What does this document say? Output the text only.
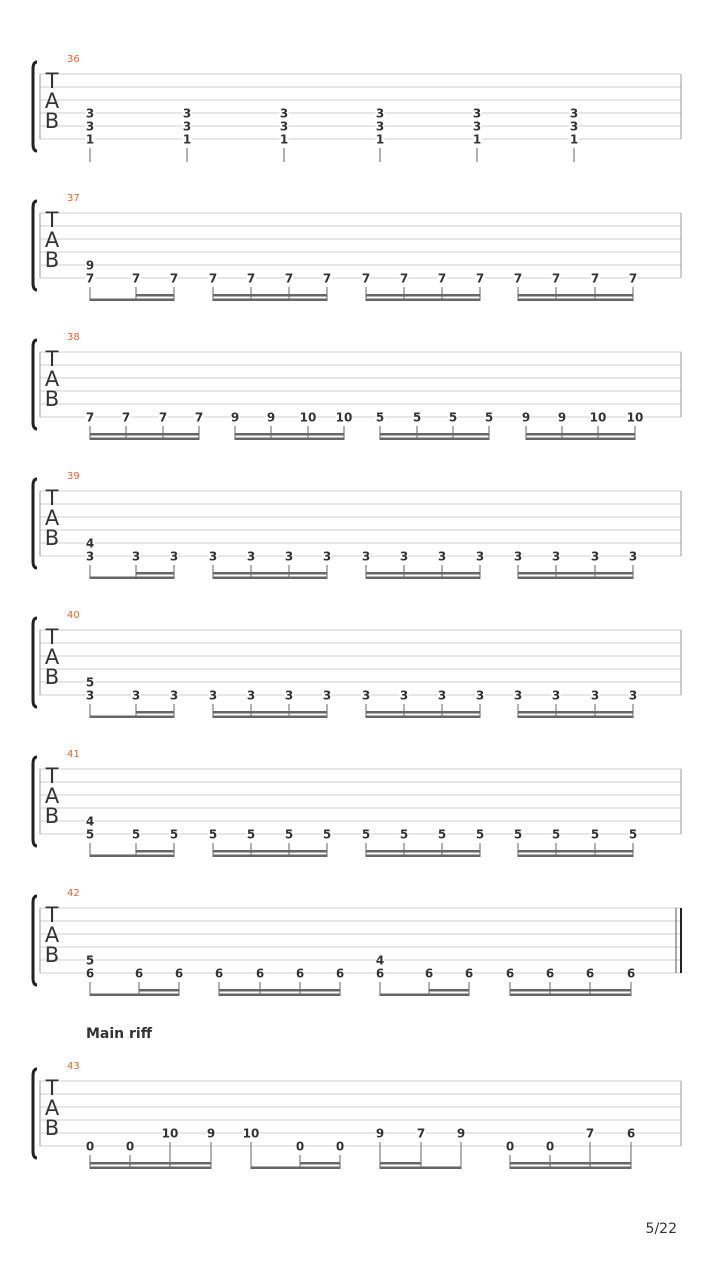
36
T
A
B 3
3
1
3
3
1
3
3
1
3
3
1
3
3
1
3
3
1
37
T
A
B 9
7	7 7	7 7 7 7	7 7 7 7 7 7	7 7
38
T
A
B
7 7 7 7 9 9 10 10 5 5 5 5 9 9 10 10
39
T
A
B 4
3	3 3	3 3 3 3	3 3 3 3 3 3	3 3
40
T
A
B 5
3	3 3	3 3 3 3	3 3 3 3 3 3	3 3
41
T
A
B 4
5	5 5	5 5 5 5	5 5 5 5 5 5	5 5
42
T
A
B 5
6	6	6	6	6	6	6
4
6	6	6	6	6	6	6
43
T
A
B
0	0
10 9 10
0	0
9	7	9
0	0
7	6
Main riff
5/22
